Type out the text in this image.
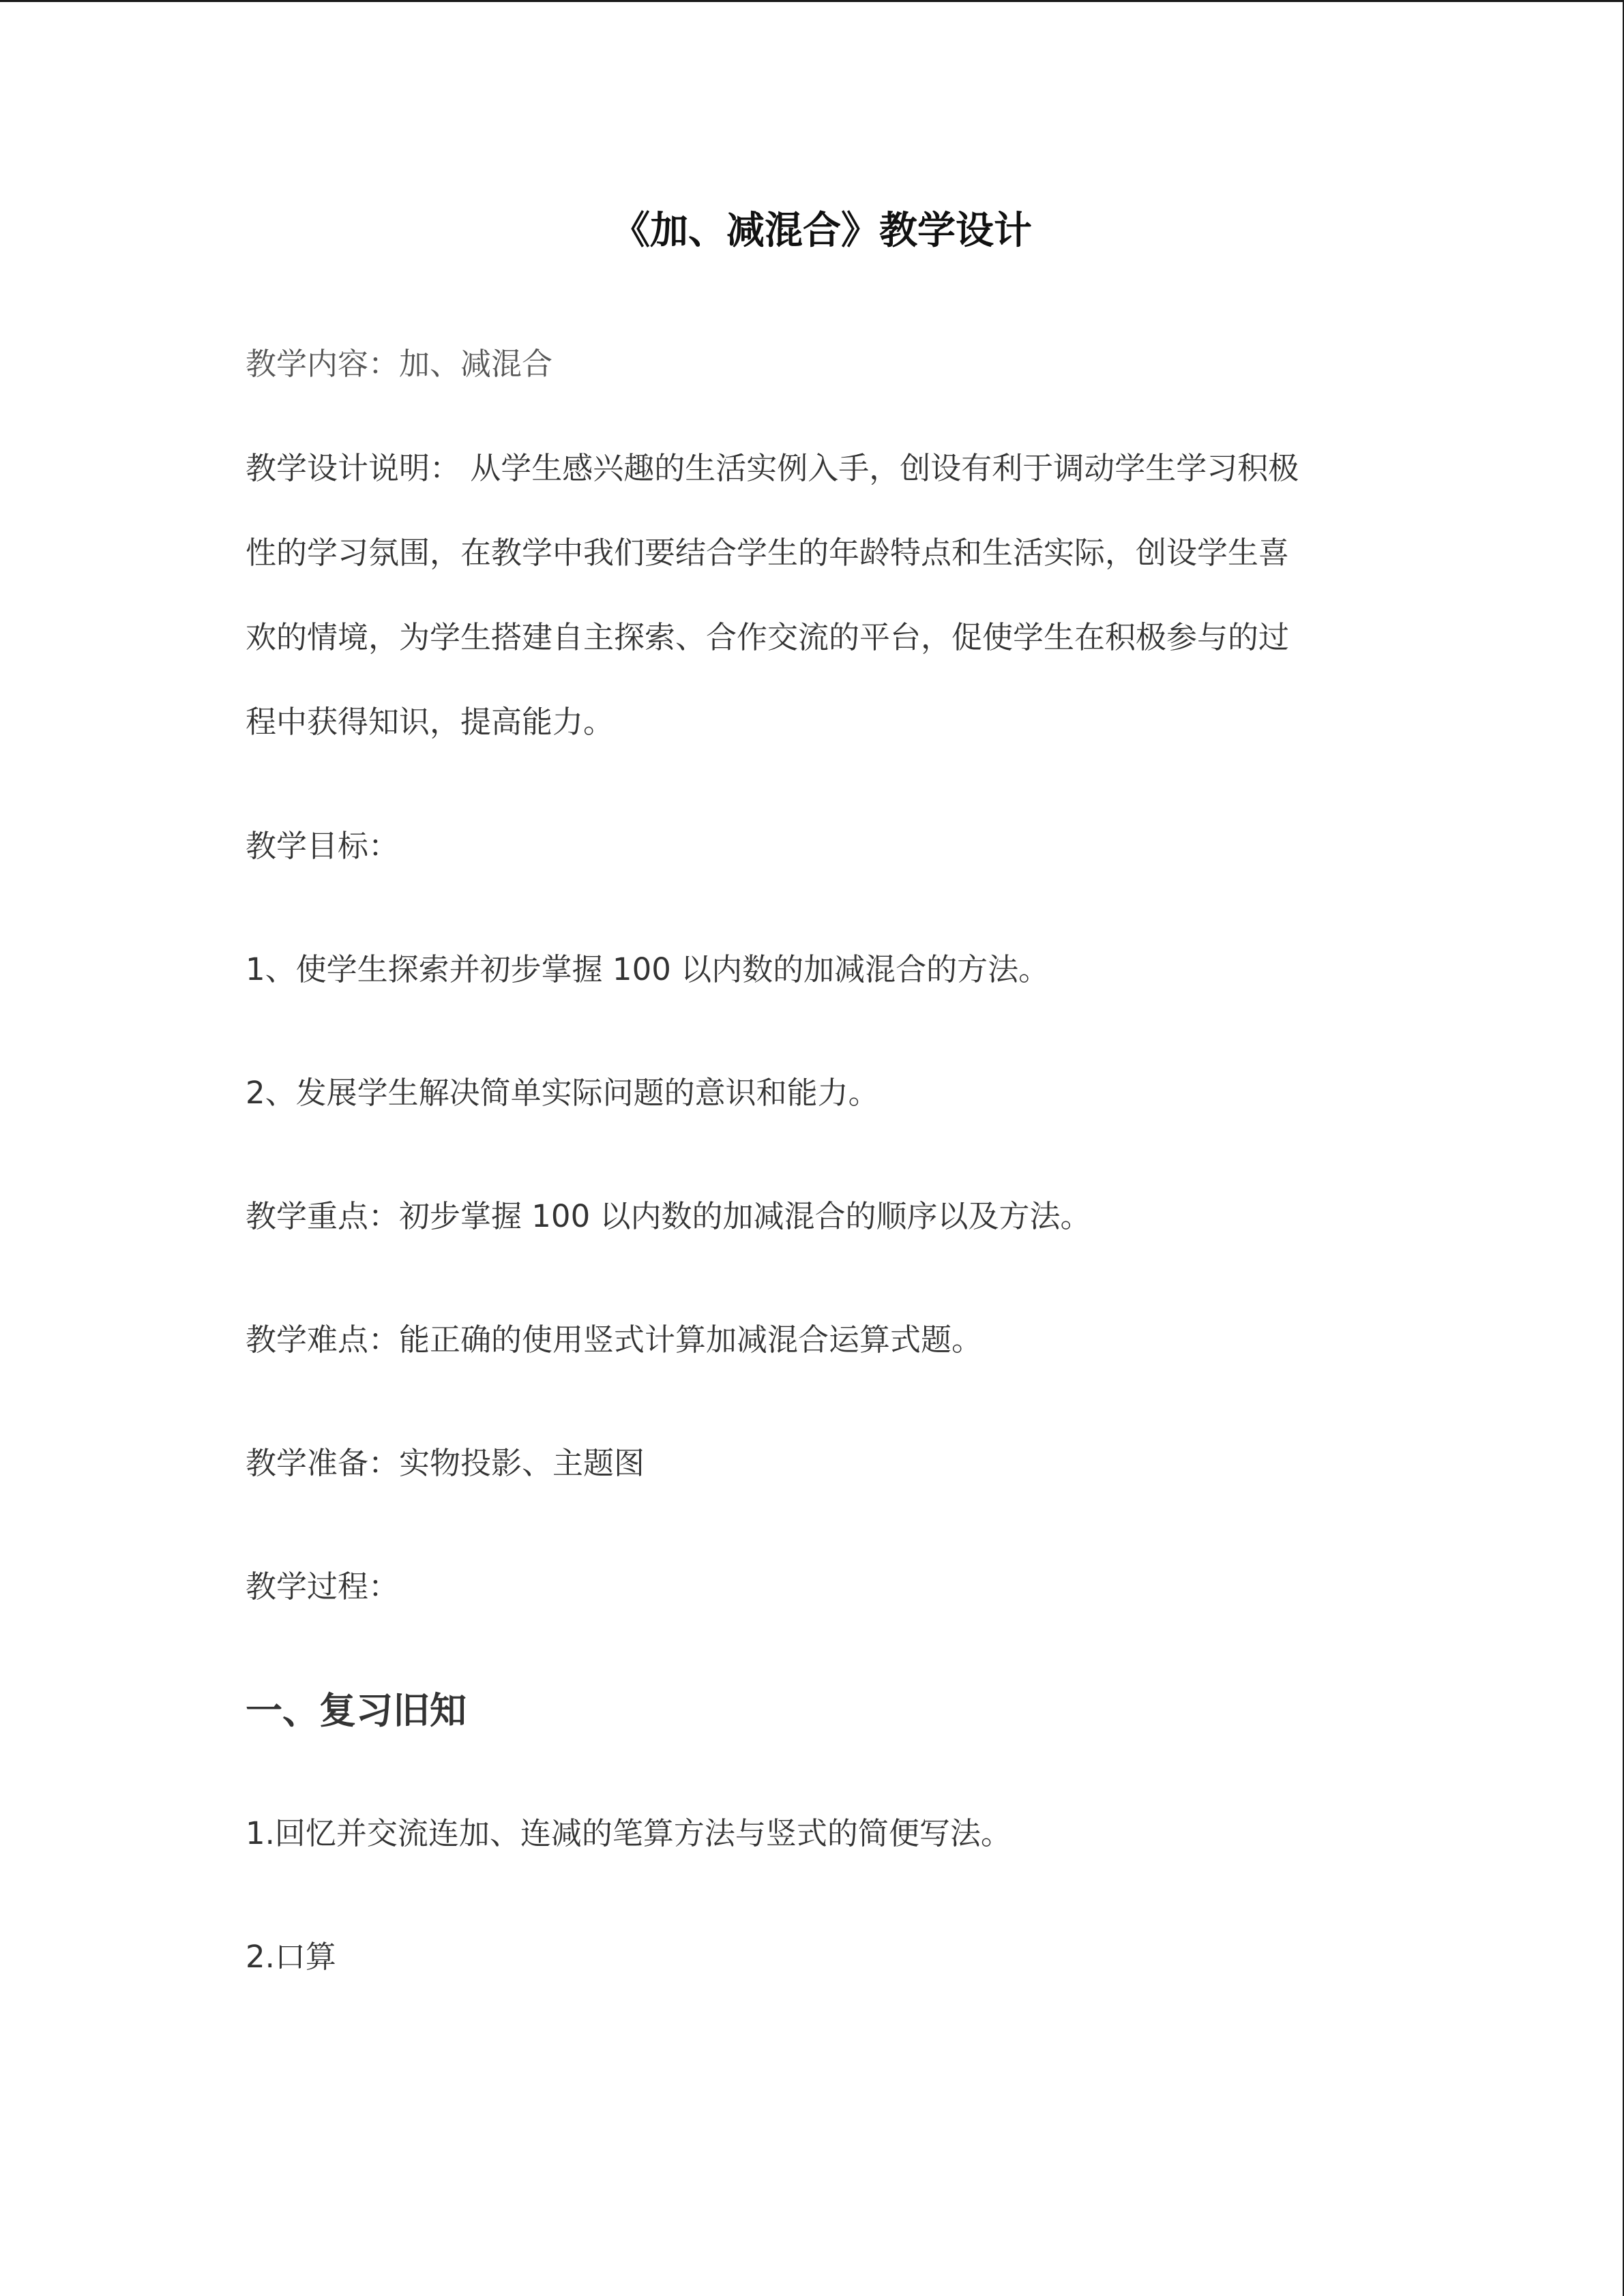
《加、减混合》教学设计
教学内容：加、减混合
教学设计说明： 从学生感兴趣的生活实例入手，创设有利于调动学生学习积极
性的学习氛围，在教学中我们要结合学生的年龄特点和生活实际，创设学生喜
欢的情境，为学生搭建自主探索、合作交流的平台，促使学生在积极参与的过
程中获得知识，提高能力。
教学目标：
1、使学生探索并初步掌握 100 以内数的加减混合的方法。
2、发展学生解决简单实际问题的意识和能力。
教学重点：初步掌握 100 以内数的加减混合的顺序以及方法。
教学难点：能正确的使用竖式计算加减混合运算式题。
教学准备：实物投影、主题图
教学过程：
一、复习旧知
1.回忆并交流连加、连减的笔算方法与竖式的简便写法。
2.口算
